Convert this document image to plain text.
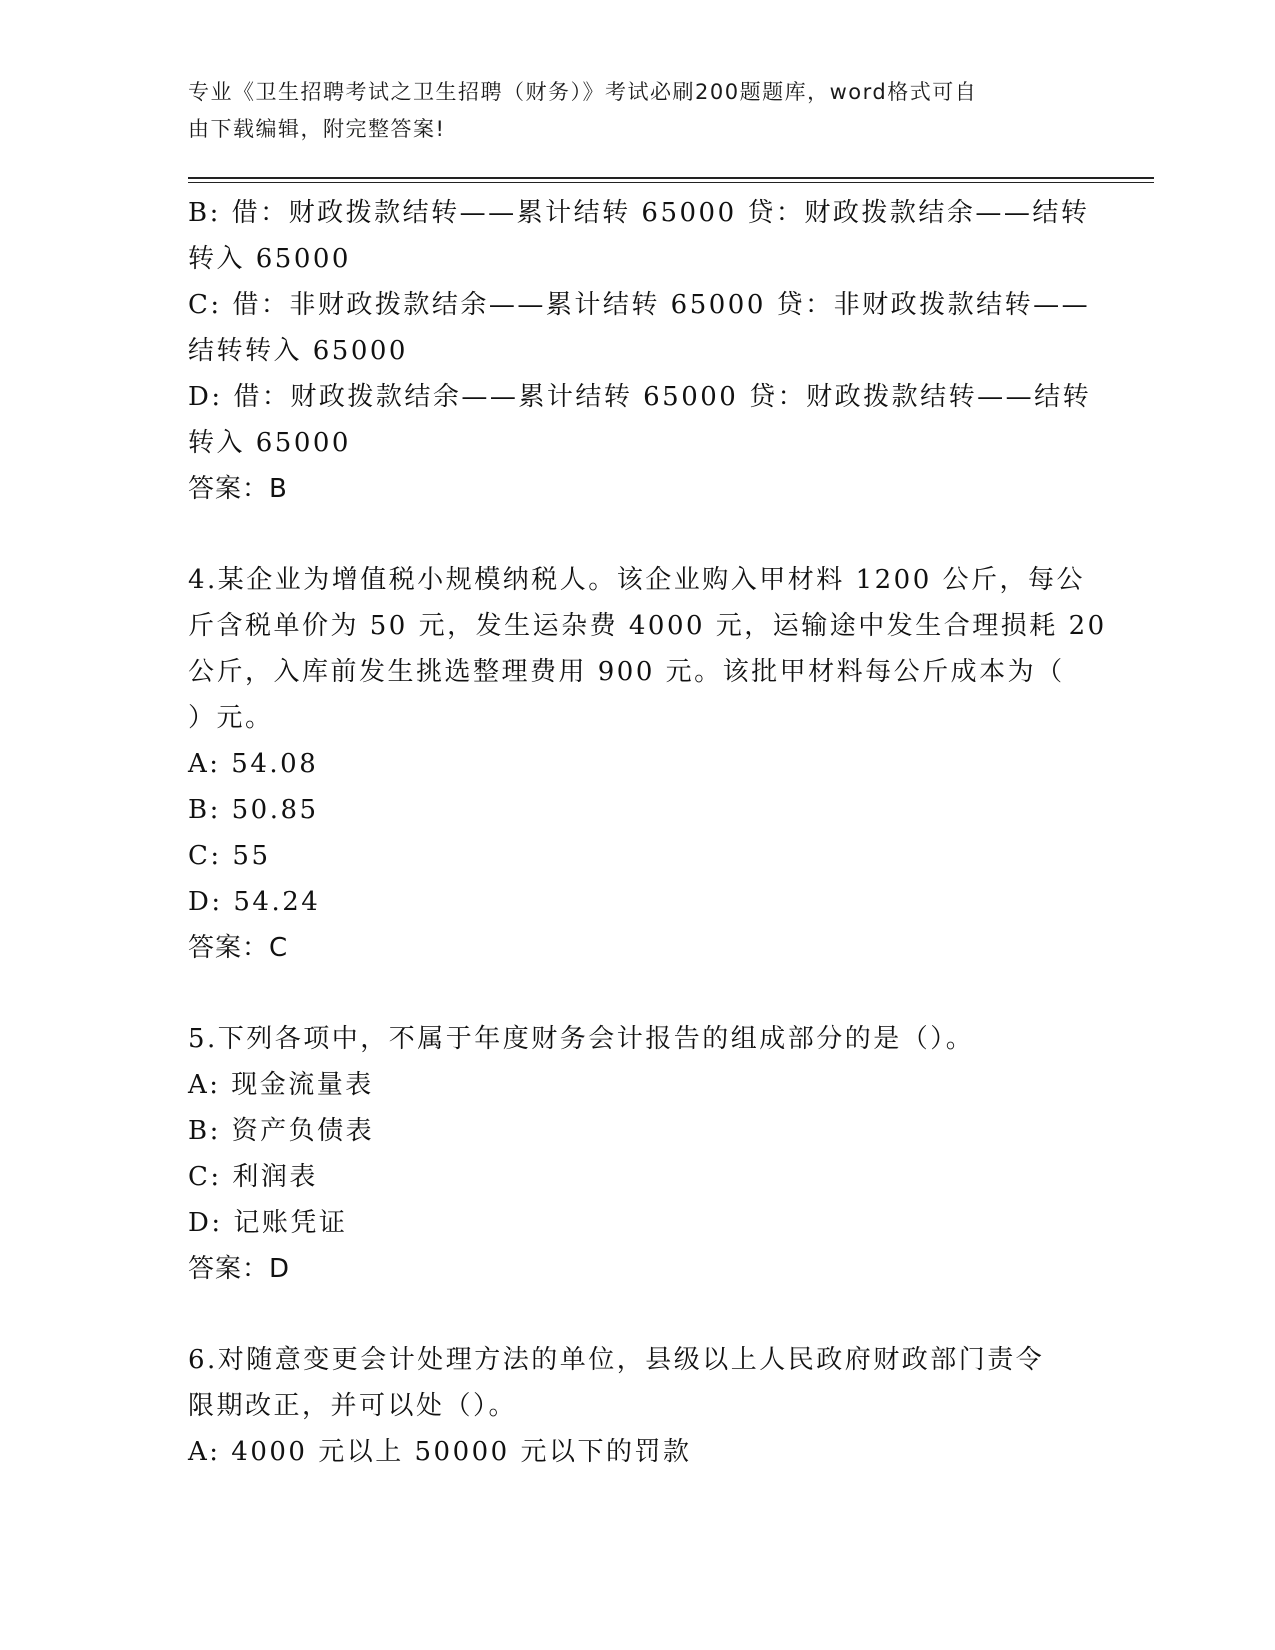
专业《卫生招聘考试之卫生招聘（财务）》考试必刷200题题库，word格式可自
由下载编辑，附完整答案!
B: 借：财政拨款结转——累计结转 65000 贷：财政拨款结余——结转
转入 65000
C: 借：非财政拨款结余——累计结转 65000 贷：非财政拨款结转——
结转转入 65000
D: 借：财政拨款结余——累计结转 65000 贷：财政拨款结转——结转
转入 65000
答案：B
4.某企业为增值税小规模纳税人。该企业购入甲材料 1200 公斤，每公
斤含税单价为 50 元，发生运杂费 4000 元，运输途中发生合理损耗 20
公斤，入库前发生挑选整理费用 900 元。该批甲材料每公斤成本为（
）元。
A: 54.08
B: 50.85
C: 55
D: 54.24
答案：C
5.下列各项中，不属于年度财务会计报告的组成部分的是（）。
A: 现金流量表
B: 资产负债表
C: 利润表
D: 记账凭证
答案：D
6.对随意变更会计处理方法的单位，县级以上人民政府财政部门责令
限期改正，并可以处（）。
A: 4000 元以上 50000 元以下的罚款
